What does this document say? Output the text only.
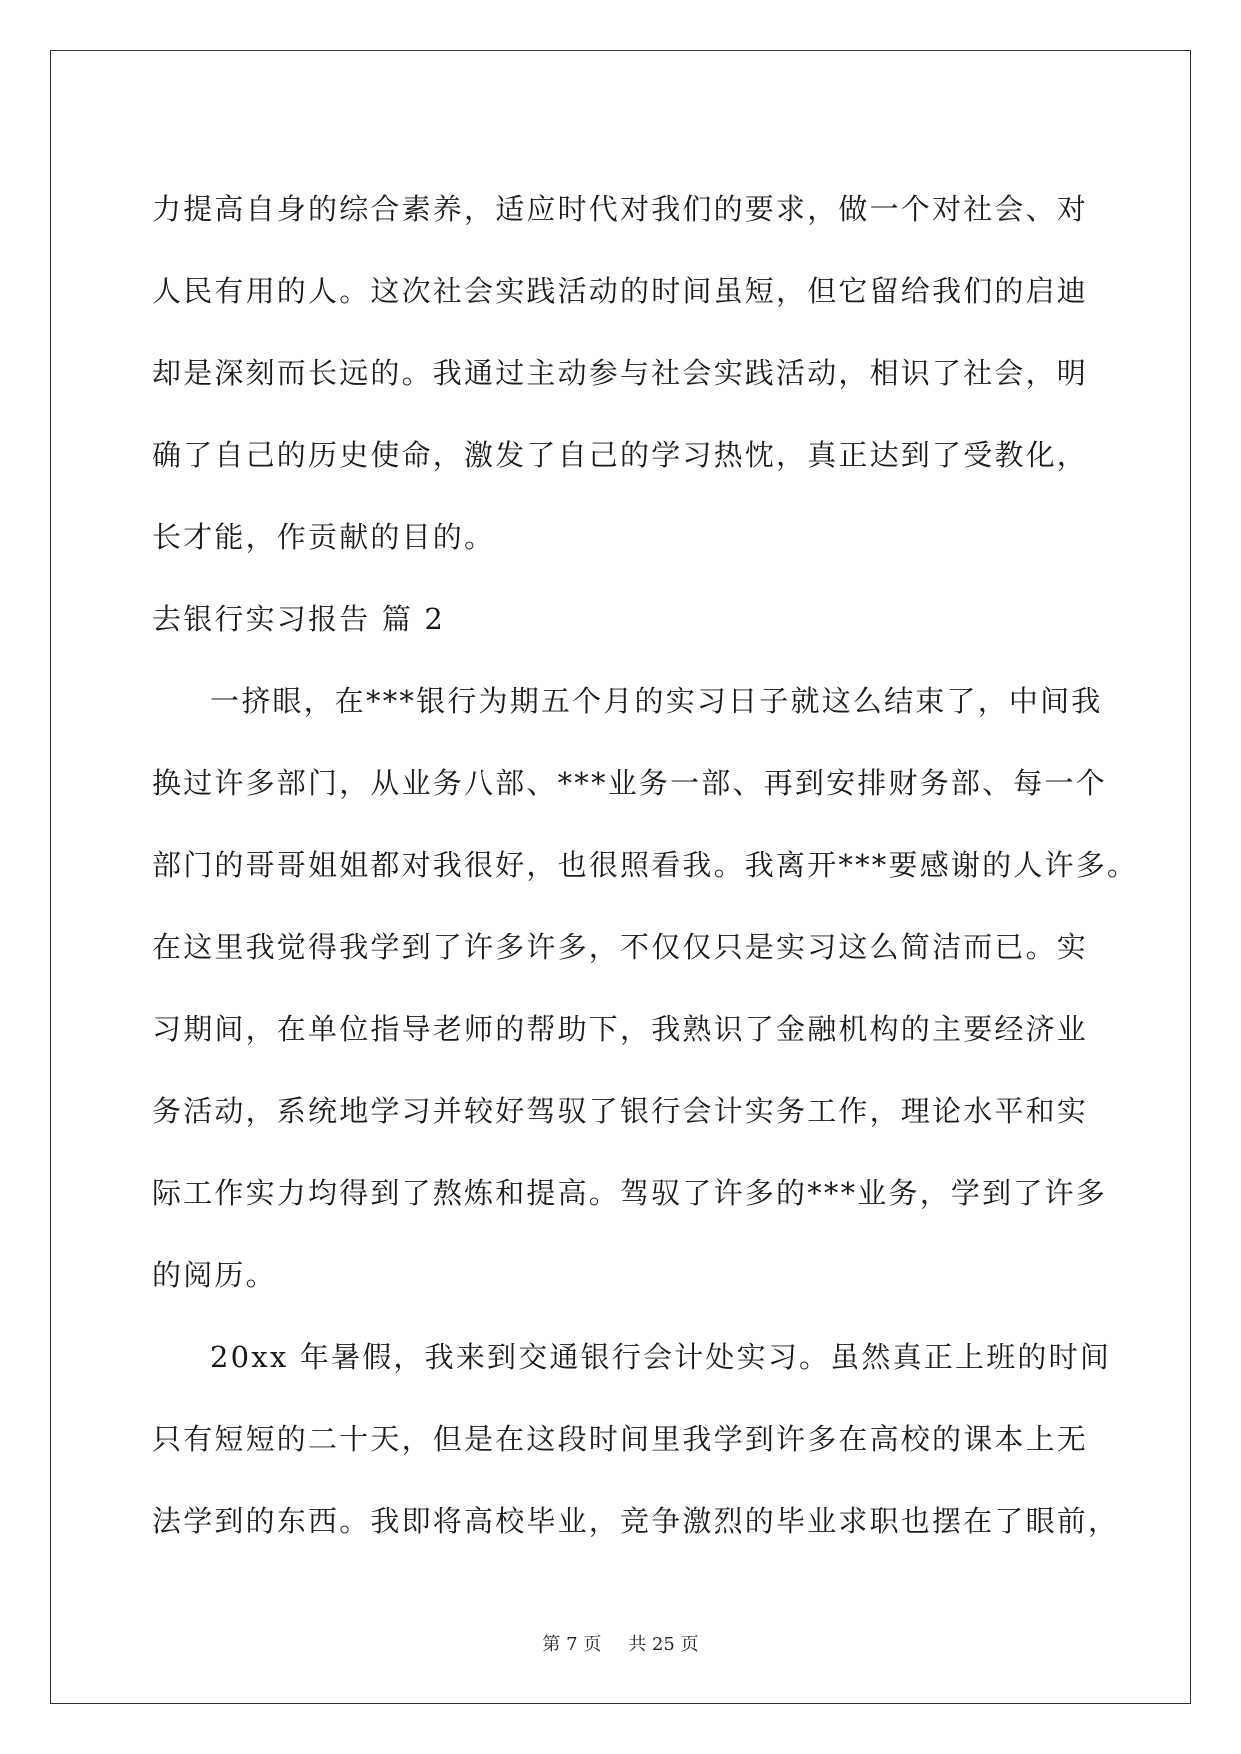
力提高自身的综合素养，适应时代对我们的要求，做一个对社会、对
人民有用的人。这次社会实践活动的时间虽短，但它留给我们的启迪
却是深刻而长远的。我通过主动参与社会实践活动，相识了社会，明
确了自己的历史使命，激发了自己的学习热忱，真正达到了受教化，
长才能，作贡献的目的。
去银行实习报告 篇 2
一挤眼，在***银行为期五个月的实习日子就这么结束了，中间我
换过许多部门，从业务八部、***业务一部、再到安排财务部、每一个
部门的哥哥姐姐都对我很好，也很照看我。我离开***要感谢的人许多。
在这里我觉得我学到了许多许多，不仅仅只是实习这么简洁而已。实
习期间，在单位指导老师的帮助下，我熟识了金融机构的主要经济业
务活动，系统地学习并较好驾驭了银行会计实务工作，理论水平和实
际工作实力均得到了熬炼和提高。驾驭了许多的***业务，学到了许多
的阅历。
20xx 年暑假，我来到交通银行会计处实习。虽然真正上班的时间
只有短短的二十天，但是在这段时间里我学到许多在高校的课本上无
法学到的东西。我即将高校毕业，竞争激烈的毕业求职也摆在了眼前，
第 7 页 共 25 页
